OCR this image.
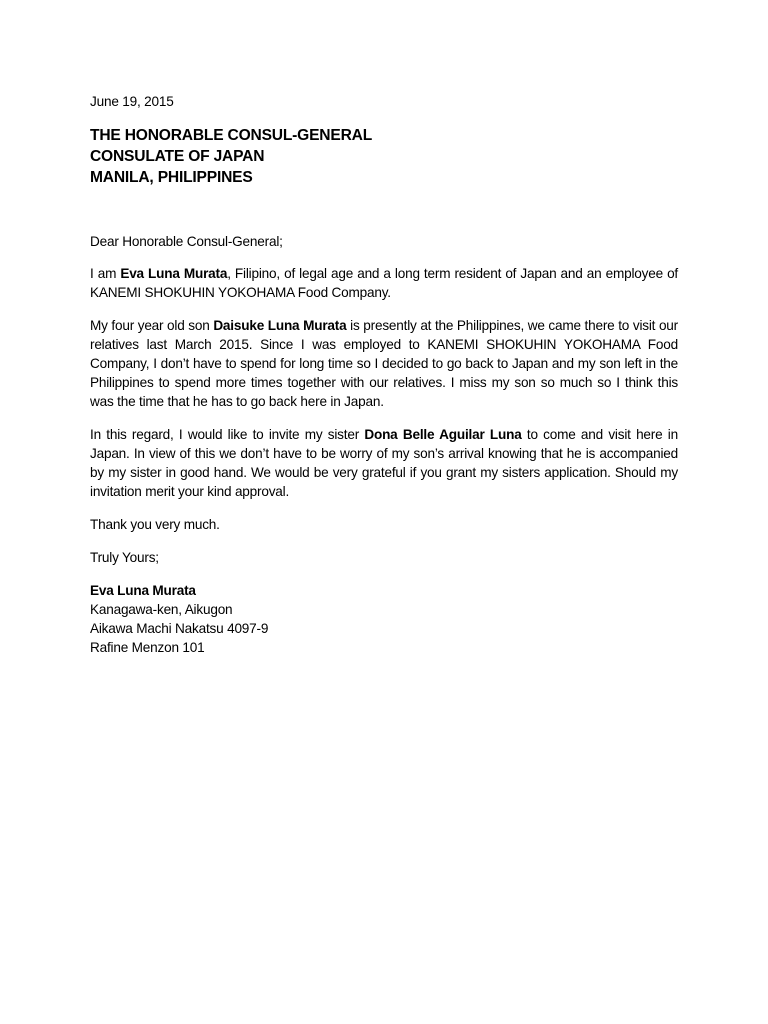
June 19, 2015
THE HONORABLE CONSUL-GENERAL
CONSULATE OF JAPAN
MANILA, PHILIPPINES
Dear Honorable Consul-General;

I am Eva Luna Murata, Filipino, of legal age and a long term resident of Japan and an employee of KANEMI SHOKUHIN YOKOHAMA Food Company.

My four year old son Daisuke Luna Murata is presently at the Philippines, we came there to visit our relatives last March 2015. Since I was employed to KANEMI SHOKUHIN YOKOHAMA Food Company, I don’t have to spend for long time so I decided to go back to Japan and my son left in the Philippines to spend more times together with our relatives. I miss my son so much so I think this was the time that he has to go back here in Japan.

In this regard, I would like to invite my sister Dona Belle Aguilar Luna to come and visit here in Japan. In view of this we don’t have to be worry of my son’s arrival knowing that he is accompanied by my sister in good hand. We would be very grateful if you grant my sisters application. Should my invitation merit your kind approval.

Thank you very much.
Truly Yours;
Eva Luna Murata
Kanagawa-ken, Aikugon
Aikawa Machi Nakatsu 4097-9
Rafine Menzon 101
